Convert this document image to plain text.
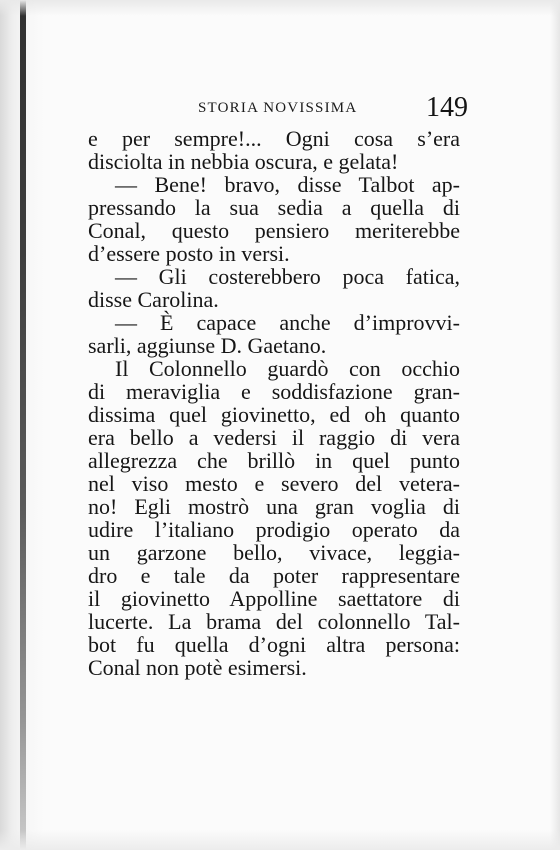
STORIA NOVISSIMA 149
e per sempre!... Ogni cosa s’era
disciolta in nebbia oscura, e gelata!
— Bene! bravo, disse Talbot ap-
pressando la sua sedia a quella di
Conal, questo pensiero meriterebbe
d’essere posto in versi.
— Gli costerebbero poca fatica,
disse Carolina.
— È capace anche d’improvvi-
sarli, aggiunse D. Gaetano.
Il Colonnello guardò con occhio
di meraviglia e soddisfazione gran-
dissima quel giovinetto, ed oh quanto
era bello a vedersi il raggio di vera
allegrezza che brillò in quel punto
nel viso mesto e severo del vetera-
no! Egli mostrò una gran voglia di
udire l’italiano prodigio operato da
un garzone bello, vivace, leggia-
dro e tale da poter rappresentare
il giovinetto Appolline saettatore di
lucerte. La brama del colonnello Tal-
bot fu quella d’ogni altra persona:
Conal non potè esimersi.
